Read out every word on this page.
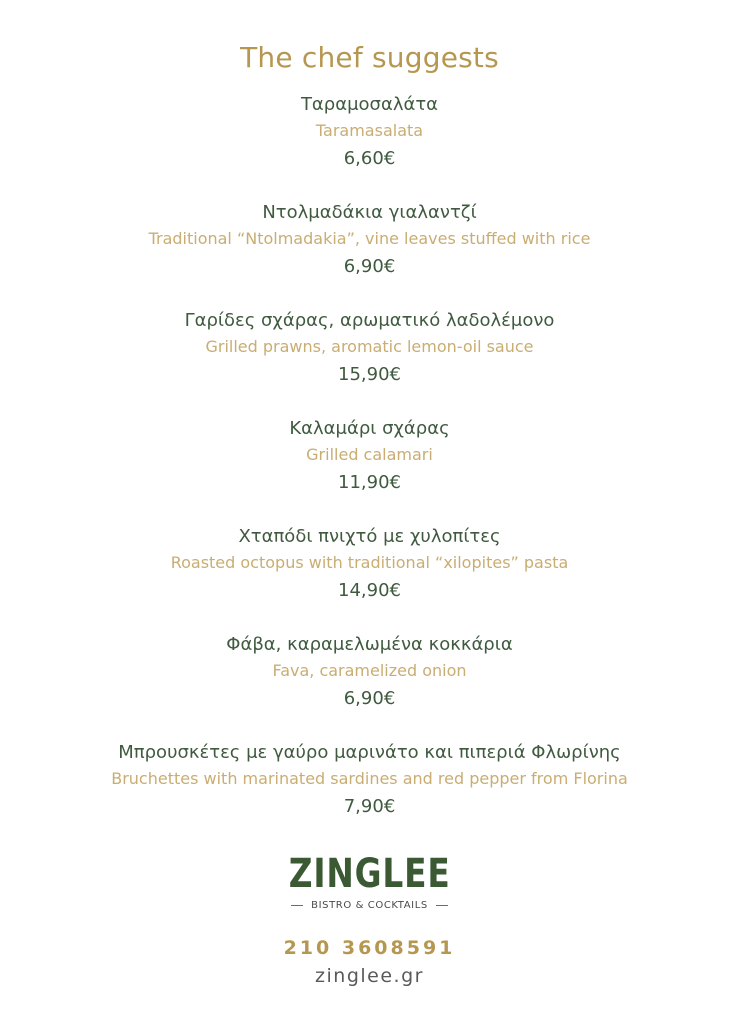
The chef suggests
Ταραμοσαλάτα
Taramasalata
6,60€
Ντολμαδάκια γιαλαντζί
Traditional “Ntolmadakia”, vine leaves stuffed with rice
6,90€
Γαρίδες σχάρας, αρωματικό λαδολέμονο
Grilled prawns, aromatic lemon-oil sauce
15,90€
Καλαμάρι σχάρας
Grilled calamari
11,90€
Χταπόδι πνιχτό με χυλοπίτες
Roasted octopus with traditional “xilopites” pasta
14,90€
Φάβα, καραμελωμένα κοκκάρια
Fava, caramelized onion
6,90€
Μπρουσκέτες με γαύρο μαρινάτο και πιπεριά Φλωρίνης
Bruchettes with marinated sardines and red pepper from Florina
7,90€
ZINGLEE
BISTRO & COCKTAILS
210 3608591
zinglee.gr
